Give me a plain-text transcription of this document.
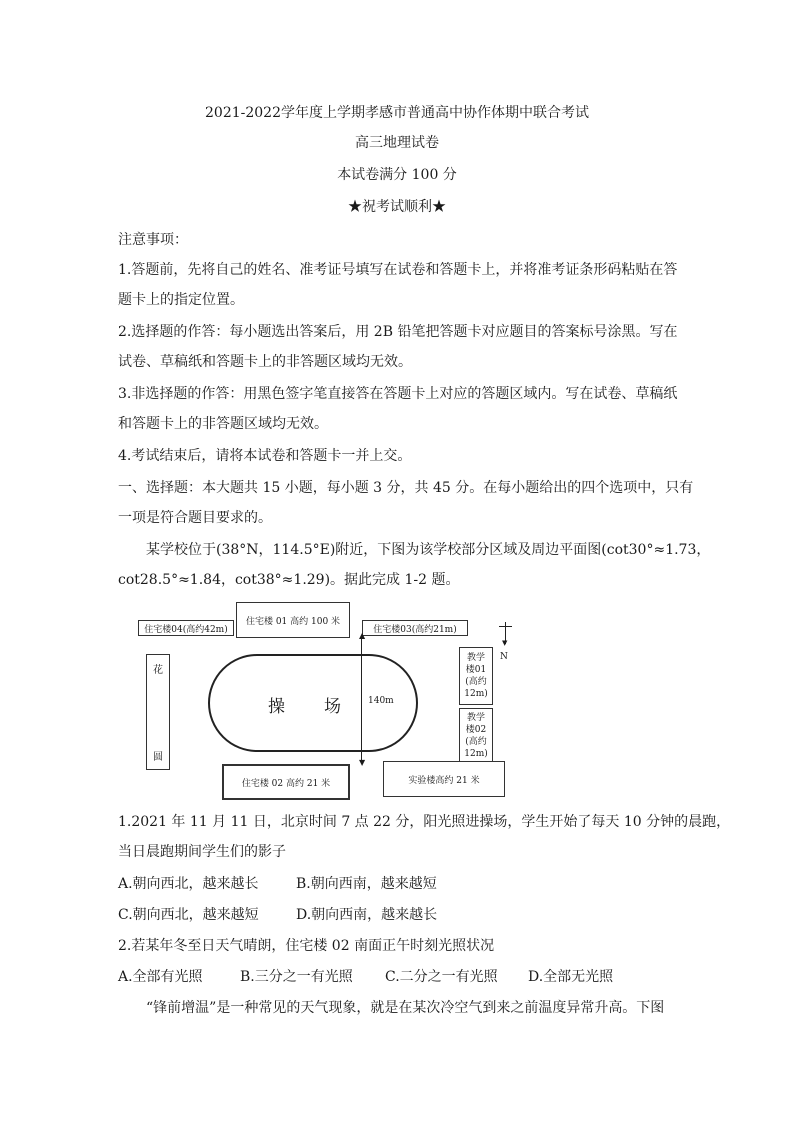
2021-2022学年度上学期孝感市普通高中协作体期中联合考试
高三地理试卷
本试卷满分 100 分
★祝考试顺利★
注意事项：
1.答题前，先将自己的姓名、准考证号填写在试卷和答题卡上，并将准考证条形码粘贴在答
题卡上的指定位置。
2.选择题的作答：每小题选出答案后，用 2B 铅笔把答题卡对应题目的答案标号涂黑。写在
试卷、草稿纸和答题卡上的非答题区域均无效。
3.非选择题的作答：用黑色签字笔直接答在答题卡上对应的答题区域内。写在试卷、草稿纸
和答题卡上的非答题区域均无效。
4.考试结束后，请将本试卷和答题卡一并上交。
一、选择题：本大题共 15 小题，每小题 3 分，共 45 分。在每小题给出的四个选项中，只有
一项是符合题目要求的。
某学校位于(38°N，114.5°E)附近，下图为该学校部分区域及周边平面图(cot30°≈1.73，
cot28.5°≈1.84，cot38°≈1.29)。据此完成 1-2 题。
住宅楼 01 高约 100 米
住宅楼04(高约42m)	住宅楼03(高约21m)
花
圆
操 场
▲
▼
140m
▼
N
教学
楼01
(高约
12m)
教学
楼02
(高约
12m)
住宅楼 02 高约 21 米	实验楼高约 21 米
1.2021 年 11 月 11 日，北京时间 7 点 22 分，阳光照进操场，学生开始了每天 10 分钟的晨跑，
当日晨跑期间学生们的影子
A.朝向西北，越来越长	B.朝向西南，越来越短
C.朝向西北，越来越短	D.朝向西南，越来越长
2.若某年冬至日天气晴朗，住宅楼 02 南面正午时刻光照状况
A.全部有光照	B.三分之一有光照 C.二分之一有光照 D.全部无光照
“锋前增温”是一种常见的天气现象，就是在某次冷空气到来之前温度异常升高。下图
